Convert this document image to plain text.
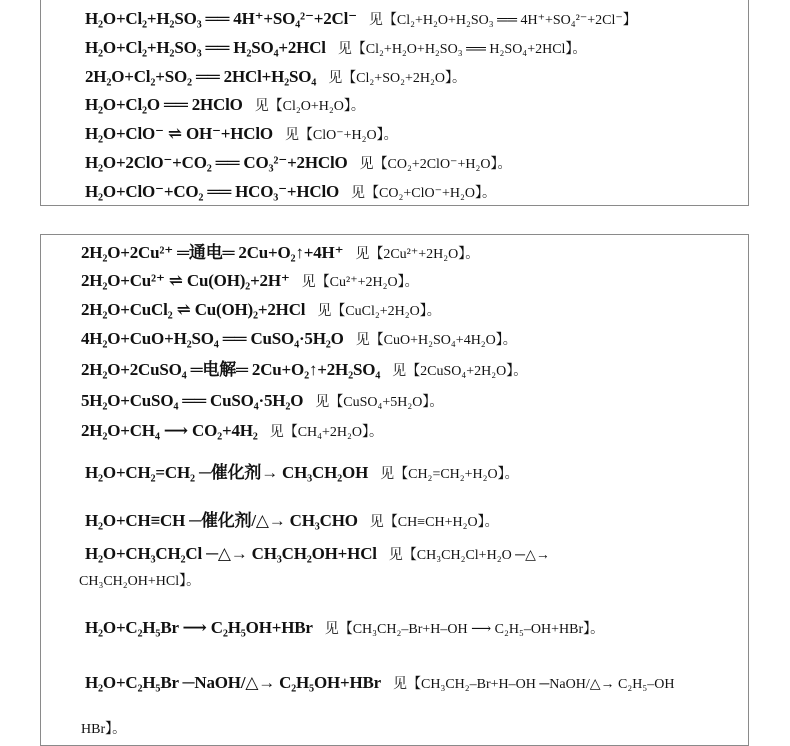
H₂O+Cl₂+H₂SO₃ ══ 4H⁺+SO₄²⁻+2Cl⁻ 见【Cl₂+H₂O+H₂SO₃ ══ 4H⁺+SO₄²⁻+2Cl⁻】
H₂O+Cl₂+H₂SO₃ ══ H₂SO₄+2HCl 见【Cl₂+H₂O+H₂SO₃ ══ H₂SO₄+2HCl】。
2H₂O+Cl₂+SO₂ ══ 2HCl+H₂SO₄ 见【Cl₂+SO₂+2H₂O】。
H₂O+Cl₂O ══ 2HClO 见【Cl₂O+H₂O】。
H₂O+ClO⁻ ⇌ OH⁻+HClO 见【ClO⁻+H₂O】。
H₂O+2ClO⁻+CO₂ ══ CO₃²⁻+2HClO 见【CO₂+2ClO⁻+H₂O】。
H₂O+ClO⁻+CO₂ ══ HCO₃⁻+HClO 见【CO₂+ClO⁻+H₂O】。
2H₂O+2Cu²⁺ ═通电═ 2Cu+O₂↑+4H⁺ 见【2Cu²⁺+2H₂O】。
2H₂O+Cu²⁺ ⇌ Cu(OH)₂+2H⁺ 见【Cu²⁺+2H₂O】。
2H₂O+CuCl₂ ⇌ Cu(OH)₂+2HCl 见【CuCl₂+2H₂O】。
4H₂O+CuO+H₂SO₄ ══ CuSO₄·5H₂O 见【CuO+H₂SO₄+4H₂O】。
2H₂O+2CuSO₄ ═电解═ 2Cu+O₂↑+2H₂SO₄ 见【2CuSO₄+2H₂O】。
5H₂O+CuSO₄ ══ CuSO₄·5H₂O 见【CuSO₄+5H₂O】。
2H₂O+CH₄ ⟶ CO₂+4H₂ 见【CH₄+2H₂O】。
H₂O+CH₂=CH₂ ─催化剂→ CH₃CH₂OH 见【CH₂=CH₂+H₂O】。
H₂O+CH≡CH ─催化剂/△→ CH₃CHO 见【CH≡CH+H₂O】。
H₂O+CH₃CH₂Cl ─△→ CH₃CH₂OH+HCl 见【CH₃CH₂Cl+H₂O ─△→
CH₃CH₂OH+HCl】。
H₂O+C₂H₅Br ⟶ C₂H₅OH+HBr 见【CH₃CH₂–Br+H–OH ⟶ C₂H₅–OH+HBr】。
H₂O+C₂H₅Br ─NaOH/△→ C₂H₅OH+HBr 见【CH₃CH₂–Br+H–OH ─NaOH/△→ C₂H₅–OH
HBr】。
